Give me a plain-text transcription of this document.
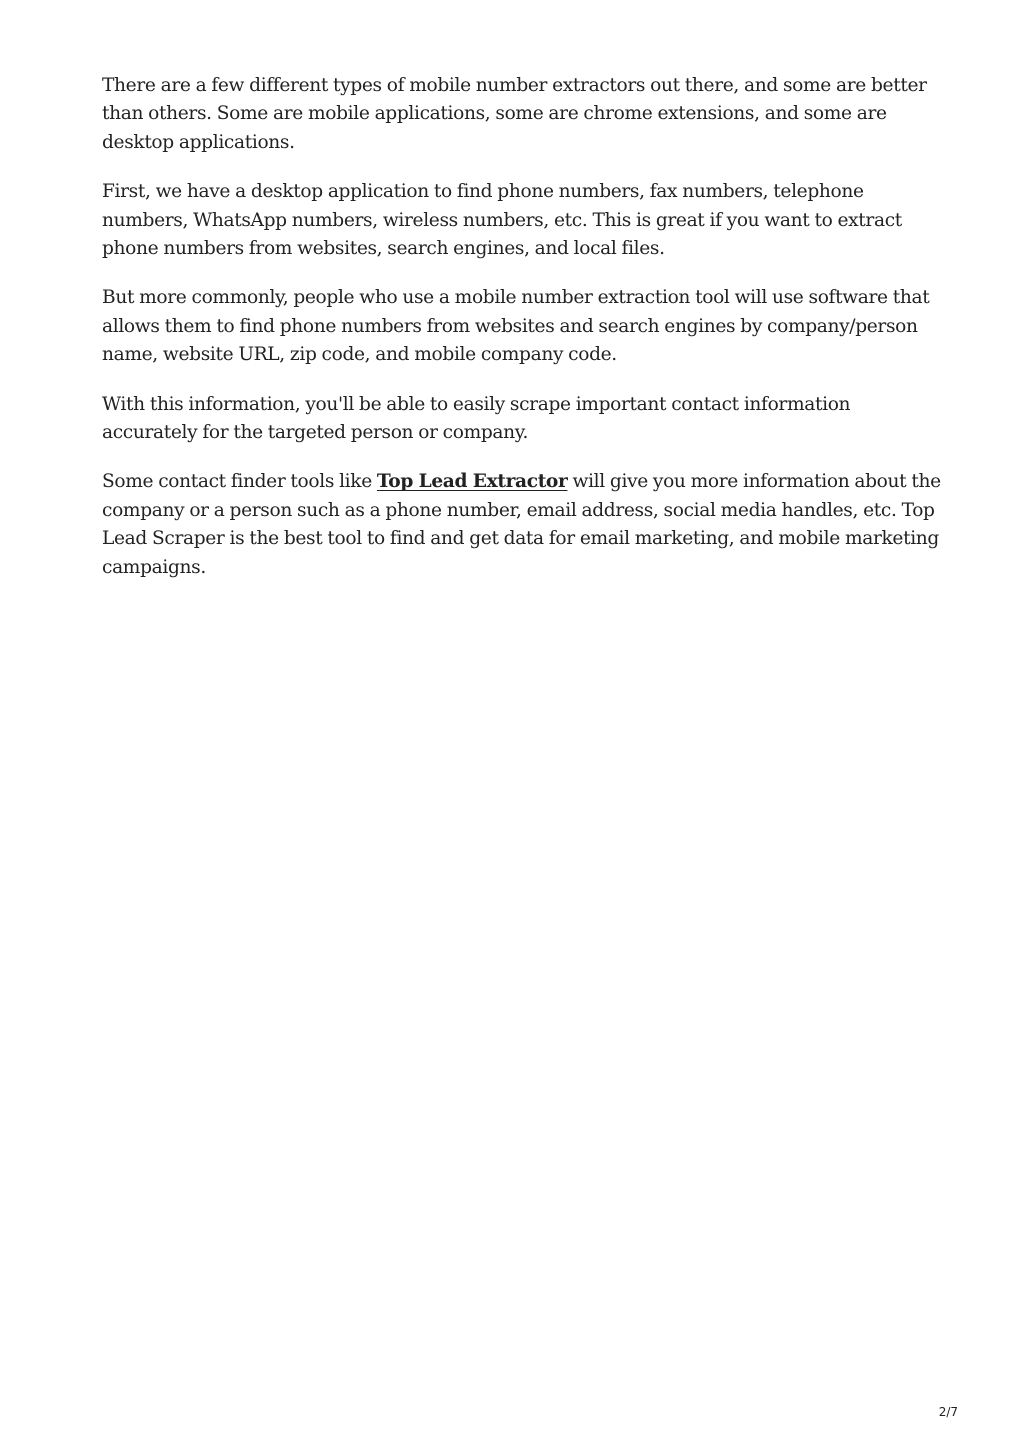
There are a few different types of mobile number extractors out there, and some are better than others. Some are mobile applications, some are chrome extensions, and some are desktop applications.

First, we have a desktop application to find phone numbers, fax numbers, telephone numbers, WhatsApp numbers, wireless numbers, etc. This is great if you want to extract phone numbers from websites, search engines, and local files.

But more commonly, people who use a mobile number extraction tool will use software that allows them to find phone numbers from websites and search engines by company/person name, website URL, zip code, and mobile company code.

With this information, you'll be able to easily scrape important contact information accurately for the targeted person or company.

Some contact finder tools like Top Lead Extractor will give you more information about the company or a person such as a phone number, email address, social media handles, etc. Top Lead Scraper is the best tool to find and get data for email marketing, and mobile marketing campaigns.

2/7
